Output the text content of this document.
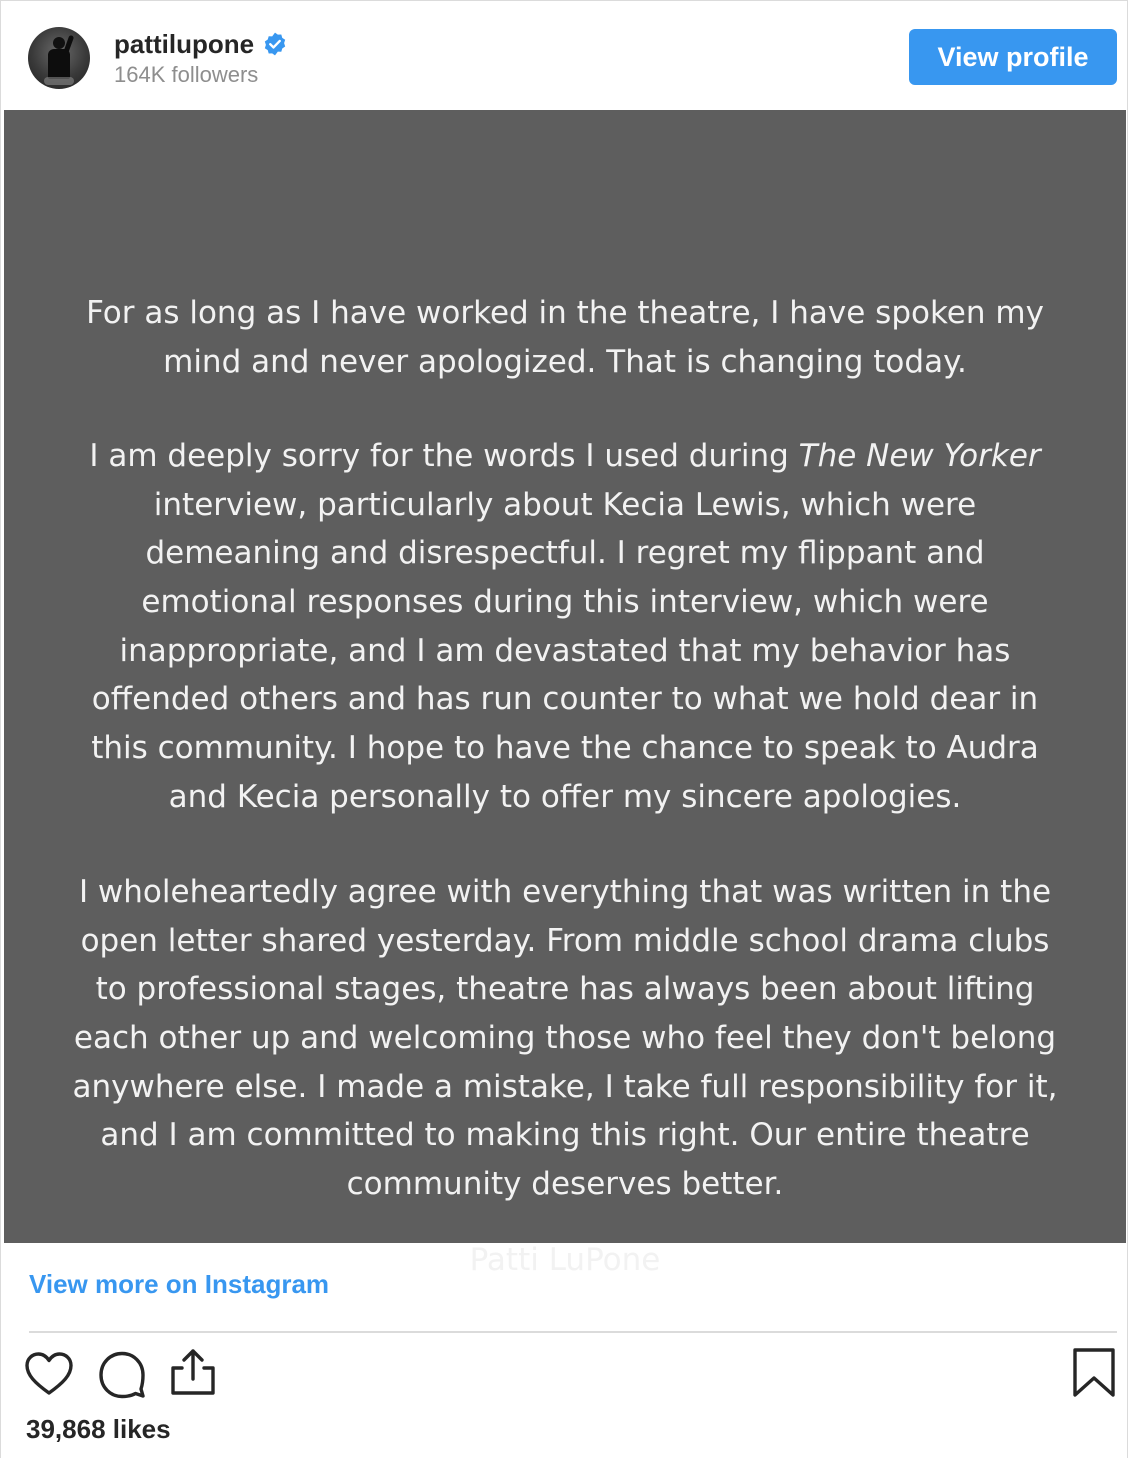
pattilupone
164K followers
View profile

For as long as I have worked in the theatre, I have spoken my
mind and never apologized. That is changing today.

I am deeply sorry for the words I used during The New Yorker
interview, particularly about Kecia Lewis, which were
demeaning and disrespectful. I regret my flippant and
emotional responses during this interview, which were
inappropriate, and I am devastated that my behavior has
offended others and has run counter to what we hold dear in
this community. I hope to have the chance to speak to Audra
and Kecia personally to offer my sincere apologies.

I wholeheartedly agree with everything that was written in the
open letter shared yesterday. From middle school drama clubs
to professional stages, theatre has always been about lifting
each other up and welcoming those who feel they don't belong
anywhere else. I made a mistake, I take full responsibility for it,
and I am committed to making this right. Our entire theatre
community deserves better.

Patti LuPone

View more on Instagram
39,868 likes
